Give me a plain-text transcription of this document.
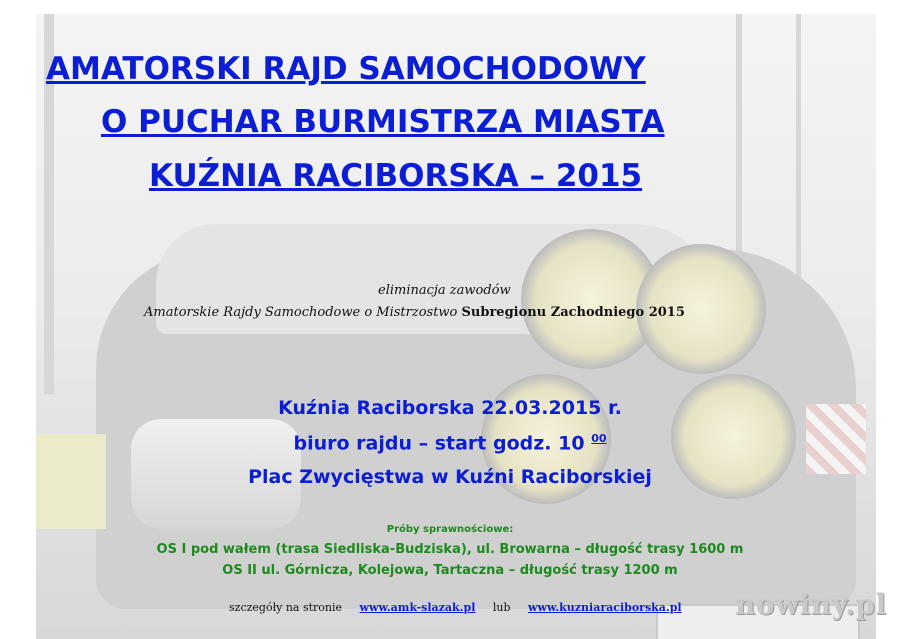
AMATORSKI RAJD SAMOCHODOWY
O PUCHAR BURMISTRZA MIASTA
KUŹNIA RACIBORSKA – 2015
eliminacja zawodów
Amatorskie Rajdy Samochodowe o Mistrzostwo Subregionu Zachodniego 2015
Kuźnia Raciborska 22.03.2015 r.
biuro rajdu – start godz. 10 $^{00}$
Plac Zwycięstwa w Kuźni Raciborskiej
Próby sprawnościowe:
OS I pod wałem (trasa Siedliska-Budziska), ul. Browarna – długość trasy 1600 m
OS II ul. Górnicza, Kolejowa, Tartaczna – długość trasy 1200 m
szczegóły na stronie www.amk-slazak.pl lub www.kuzniaraciborska.pl nowiny.pl
